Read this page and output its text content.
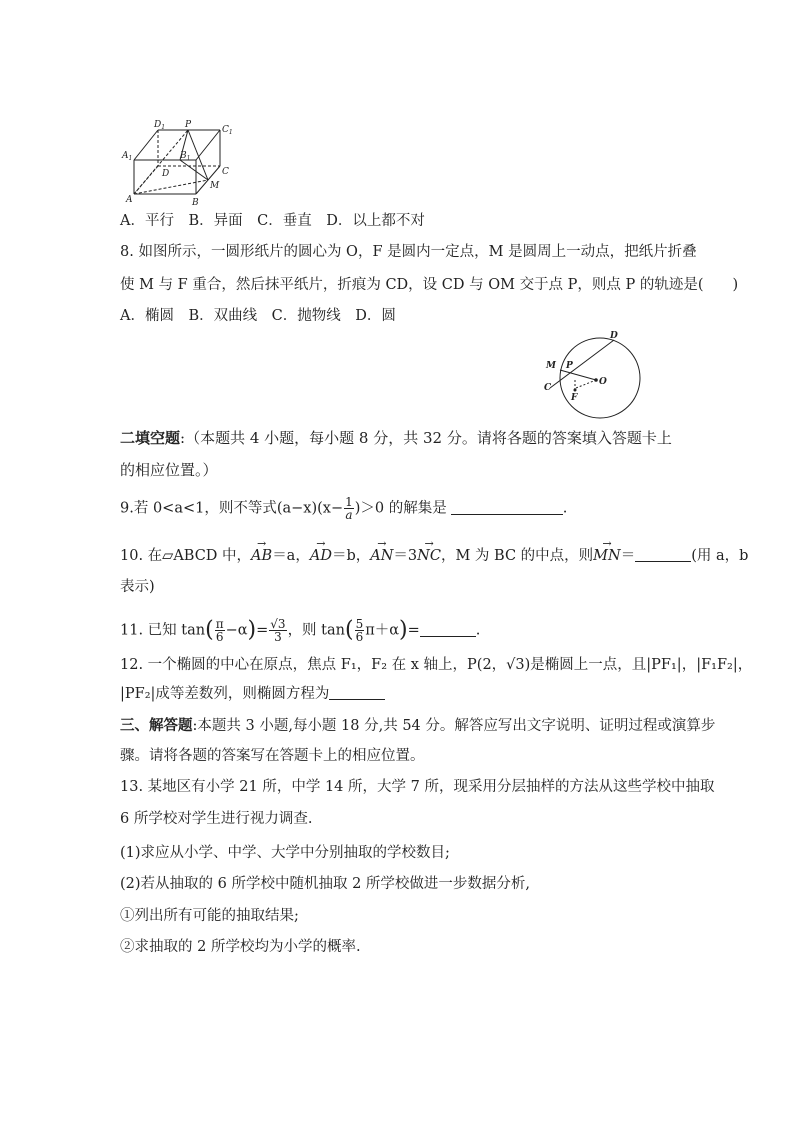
$D_1$ P	$C_1$
$A_1$	$B_1$
C
D
M
A	B
A．平行　B．异面　C．垂直　D．以上都不对
8. 如图所示，一圆形纸片的圆心为 O，F 是圆内一定点，M 是圆周上一动点，把纸片折叠
使 M 与 F 重合，然后抹平纸片，折痕为 CD，设 CD 与 OM 交于点 P，则点 P 的轨迹是(　　)
A．椭圆　B．双曲线　C．抛物线　D．圆
D
M P
O
C
F
二填空题:（本题共 4 小题，每小题 8 分，共 32 分。请将各题的答案填入答题卡上
的相应位置。）
9.若 0<a<1，则不等式$(a-x)(x- \frac{1}{a} )>0$ 的解集是	.
10. 在▱ABCD 中，→ AB＝a，→ AD＝b，→ AN＝3→ NC，M 为 BC 的中点，则→ MN＝	(用 a，b
表示)
11. 已知 $\tan( \frac{\pi}{6} -\alpha)= \frac{√3}{3}$ ，则 $\tan( \frac{5}{6} \pi+\alpha)=$	.
12. 一个椭圆的中心在原点，焦点 F₁，F₂ 在 x 轴上，P(2，√3)是椭圆上一点，且|PF₁|，|F₁F₂|，
|PF₂|成等差数列，则椭圆方程为
三、解答题:本题共 3 小题,每小题 18 分,共 54 分。解答应写出文字说明、证明过程或演算步
骤。请将各题的答案写在答题卡上的相应位置。
13. 某地区有小学 21 所，中学 14 所，大学 7 所，现采用分层抽样的方法从这些学校中抽取
6 所学校对学生进行视力调查.
(1)求应从小学、中学、大学中分别抽取的学校数目;
(2)若从抽取的 6 所学校中随机抽取 2 所学校做进一步数据分析,
①列出所有可能的抽取结果;
②求抽取的 2 所学校均为小学的概率.
